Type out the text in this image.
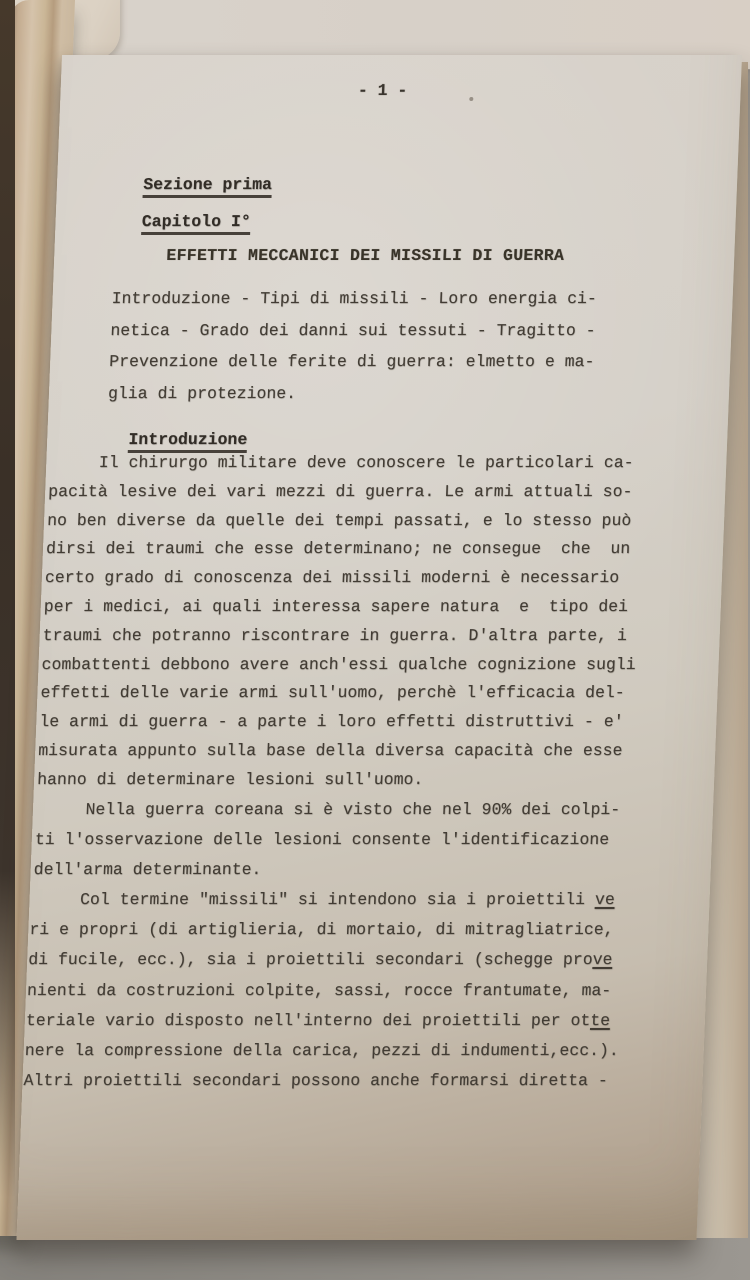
- 1 -

Sezione prima

Capitolo I°

EFFETTI MECCANICI DEI MISSILI DI GUERRA
Introduzione - Tipi di missili - Loro energia ci-
netica - Grado dei danni sui tessuti - Tragitto -
Prevenzione delle ferite di guerra: elmetto e ma-
glia di protezione.

Introduzione

Il chirurgo militare deve conoscere le particolari ca-
pacità lesive dei vari mezzi di guerra. Le armi attuali so-
no ben diverse da quelle dei tempi passati, e lo stesso può
dirsi dei traumi che esse determinano; ne consegue  che  un
certo grado di conoscenza dei missili moderni è necessario
per i medici, ai quali interessa sapere natura  e  tipo dei
traumi che potranno riscontrare in guerra. D'altra parte, i
combattenti debbono avere anch'essi qualche cognizione sugli
effetti delle varie armi sull'uomo, perchè l'efficacia del-
le armi di guerra - a parte i loro effetti distruttivi - e'
misurata appunto sulla base della diversa capacità che esse
hanno di determinare lesioni sull'uomo.
Nella guerra coreana si è visto che nel 90% dei colpi-
ti l'osservazione delle lesioni consente l'identificazione
dell'arma determinante.
Col termine "missili" si intendono sia i proiettili ve
ri e propri (di artiglieria, di mortaio, di mitragliatrice,
di fucile, ecc.), sia i proiettili secondari (schegge prove
nienti da costruzioni colpite, sassi, rocce frantumate, ma-
teriale vario disposto nell'interno dei proiettili per otte
nere la compressione della carica, pezzi di indumenti,ecc.).
Altri proiettili secondari possono anche formarsi diretta -
